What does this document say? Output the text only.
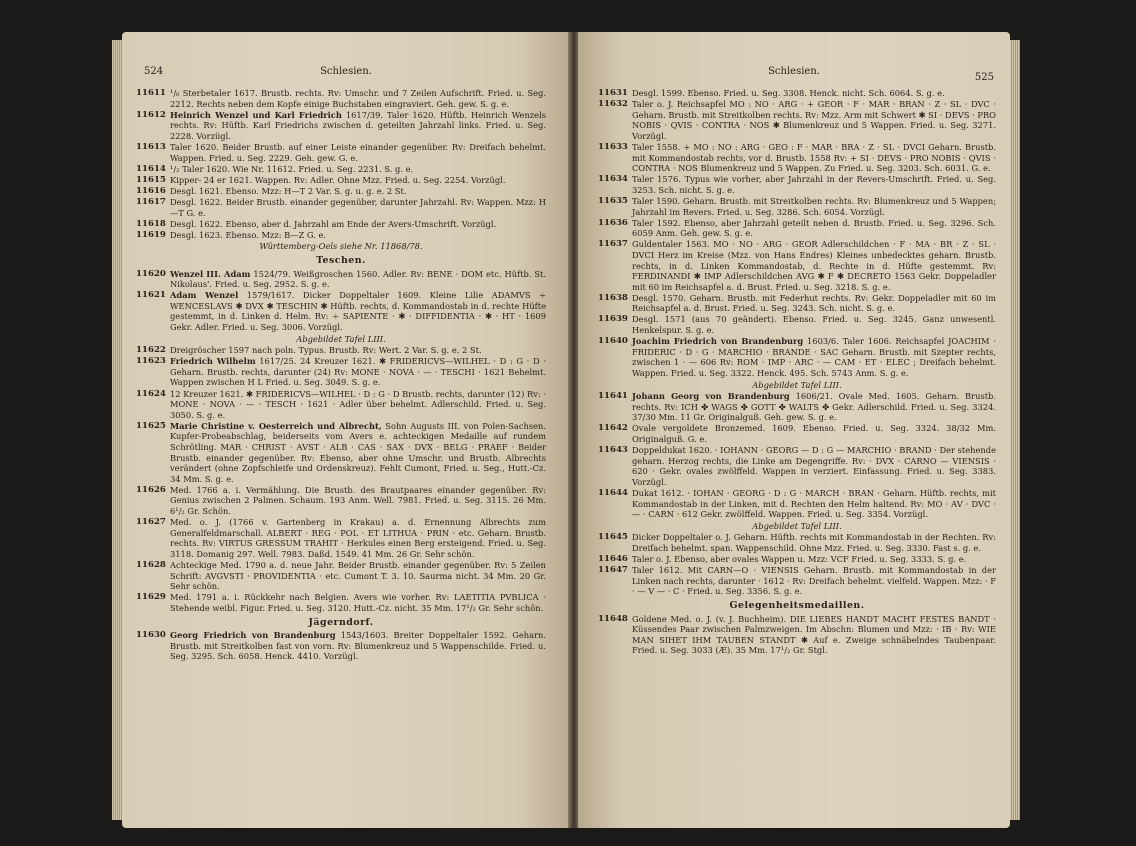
524	Schlesien.
11611 ¹/₆ Sterbetaler 1617. Brustb. rechts. Rv: Umschr. und 7 Zeilen Aufschrift. Fried. u. Seg. 2212. Rechts neben dem Kopfe einige Buchstaben eingraviert. Geh. gew. S. g. e.
11612 Heinrich Wenzel und Karl Friedrich 1617/39. Taler 1620. Hüftb. Heinrich Wenzels rechts. Rv: Hüftb. Karl Friedrichs zwischen d. geteilten Jahrzahl links. Fried. u. Seg. 2228. Vorzügl.
11613 Taler 1620. Beider Brustb. auf einer Leiste einander gegenüber. Rv: Dreifach behelmt. Wappen. Fried. u. Seg. 2229. Geh. gew. G. e.
11614 ¹/₂ Taler 1620. Wie Nr. 11612. Fried. u. Seg. 2231. S. g. e.
11615 Kipper- 24 er 1621. Wappen. Rv: Adler. Ohne Mzz. Fried. u. Seg. 2254. Vorzügl.
11616 Desgl. 1621. Ebenso. Mzz: H—T 2 Var. S. g. u. g. e. 2 St.
11617 Desgl. 1622. Beider Brustb. einander gegenüber, darunter Jahrzahl. Rv: Wappen. Mzz: H—T G. e.
11618 Desgl. 1622. Ebenso, aber d. Jahrzahl am Ende der Avers-Umschrift. Vorzügl.
11619 Desgl. 1623. Ebenso. Mzz: B—Z G. e.
Württemberg-Oels siehe Nr. 11868/78.
Teschen.
11620 Wenzel III. Adam 1524/79. Weißgroschen 1560. Adler. Rv: BENE · DOM etc. Hüftb. St. Nikolaus'. Fried. u. Seg. 2952. S. g. e.
11621 Adam Wenzel 1579/1617. Dicker Doppeltaler 1609. Kleine Lilie ADAMVS ÷ WENCESLAVS ✱ DVX ✱ TESCHIN ✱ Hüftb. rechts, d. Kommandostab in d. rechte Hüfte gestemmt, in d. Linken d. Helm. Rv: ÷ SAPIENTE · ✱ · DIFFIDENTIA · ✱ · HT · 1609 Gekr. Adler. Fried. u. Seg. 3006. Vorzügl.
Abgebildet Tafel LIII.
11622 Dreigröscher 1597 nach poln. Typus. Brustb. Rv: Wert. 2 Var. S. g. e. 2 St.
11623 Friedrich Wilhelm 1617/25. 24 Kreuzer 1621. ✱ FRIDERICVS—WILHEL · D : G · D · Geharn. Brustb. rechts, darunter (24) Rv: MONE · NOVA · — · TESCHI · 1621 Behelmt. Wappen zwischen H L Fried. u. Seg. 3049. S. g. e.
11624 12 Kreuzer 1621. ✱ FRIDERICVS—WILHEL · D : G · D Brustb. rechts, darunter (12) Rv: · MONE · NOVA · — · TESCH · 1621 · Adler über behelmt. Adlerschild. Fried. u. Seg. 3050. S. g. e.
11625 Marie Christine v. Oesterreich und Albrecht, Sohn Augusts III. von Polen-Sachsen. Kupfer-Probeabschlag, beiderseits vom Avers e. achteckigen Medaille auf rundem Schrötling. MAR · CHRIST · AVST · ALB · CAS · SAX · DVX · BELG · PRAEF · Beider Brustb. einander gegenüber. Rv: Ebenso, aber ohne Umschr. und Brustb. Albrechts verändert (ohne Zopfschleife und Ordenskreuz). Fehlt Cumont, Fried. u. Seg., Hutt.-Cz. 34 Mm. S. g. e.
11626 Med. 1766 a. i. Vermählung. Die Brustb. des Brautpaares einander gegenüber. Rv: Genius zwischen 2 Palmen. Schaum. 193 Anm. Well. 7981. Fried. u. Seg. 3115. 26 Mm. 6¹/₂ Gr. Schön.
11627 Med. o. J. (1766 v. Gartenberg in Krakau) a. d. Ernennung Albrechts zum Generalfeldmarschall. ALBERT · REG · POL · ET LITHUA · PRIN · etc. Geharn. Brustb. rechts. Rv: VIRTUS GRESSUM TRAHIT · Herkules einen Berg ersteigend. Fried. u. Seg. 3118. Domanig 297. Well. 7983. Daßd. 1549. 41 Mm. 26 Gr. Sehr schön.
11628 Achteckige Med. 1790 a. d. neue Jahr. Beider Brustb. einander gegenüber. Rv: 5 Zeilen Schrift: AVGVSTI · PROVIDENTIA · etc. Cumont T. 3. 10. Saurma nicht. 34 Mm. 20 Gr. Sehr schön.
11629 Med. 1791 a. i. Rückkehr nach Belgien. Avers wie vorher. Rv: LAETITIA PVBLICA · Stehende weibl. Figur. Fried. u. Seg. 3120. Hutt.-Cz. nicht. 35 Mm. 17¹/₂ Gr. Sehr schön.
Jägerndorf.
11630 Georg Friedrich von Brandenburg 1543/1603. Breiter Doppeltaler 1592. Geharn. Brustb. mit Streitkolben fast von vorn. Rv: Blumenkreuz und 5 Wappenschilde. Fried. u. Seg. 3295. Sch. 6058. Henck. 4410. Vorzügl.
Schlesien.
525
11631 Desgl. 1599. Ebenso. Fried. u. Seg. 3308. Henck. nicht. Sch. 6064. S. g. e.
11632 Taler o. J. Reichsapfel MO : NO · ARG · + GEOR · F · MAR · BRAN · Z · SL · DVC · Geharn. Brustb. mit Streitkolben rechts. Rv: Mzz. Arm mit Schwert ✱ SI · DEVS · PRO NOBIS · QVIS · CONTRA · NOS ✱ Blumenkreuz und 5 Wappen. Fried. u. Seg. 3271. Vorzügl.
11633 Taler 1558. + MO : NO : ARG · GEO : F · MAR · BRA · Z · SL · DVCI Geharn. Brustb. mit Kommandostab rechts, vor d. Brustb. 1558 Rv: + SI · DEVS · PRO NOBIS · QVIS · CONTRA · NOS Blumenkreuz und 5 Wappen. Zu Fried. u. Seg. 3203. Sch. 6031. G. e.
11634 Taler 1576. Typus wie vorher, aber Jahrzahl in der Revers-Umschrift. Fried. u. Seg. 3253. Sch. nicht. S. g. e.
11635 Taler 1590. Geharn. Brustb. mit Streitkolben rechts. Rv: Blumenkreuz und 5 Wappen; Jahrzahl im Revers. Fried. u. Seg. 3286. Sch. 6054. Vorzügl.
11636 Taler 1592. Ebenso, aber Jahrzahl geteilt neben d. Brustb. Fried. u. Seg. 3296. Sch. 6059 Anm. Geh. gew. S. g. e.
11637 Guldentaler 1563. MO · NO · ARG · GEOR Adlerschildchen · F · MA · BR · Z · SL · DVCI Herz im Kreise (Mzz. von Hans Endres) Kleines unbedecktes geharn. Brustb. rechts, in d. Linken Kommandostab, d. Rechte in d. Hüfte gestemmt. Rv: FERDINANDI ✱ IMP Adlerschildchen AVG ✱ F ✱ DECRETO 1563 Gekr. Doppeladler mit 60 im Reichsapfel a. d. Brust. Fried. u. Seg. 3218. S. g. e.
11638 Desgl. 1570. Geharn. Brustb. mit Federhut rechts. Rv: Gekr. Doppeladler mit 60 im Reichsapfel a. d. Brust. Fried. u. Seg. 3243. Sch. nicht. S. g. e.
11639 Desgl. 1571 (aus 70 geändert). Ebenso. Fried. u. Seg. 3245. Ganz unwesentl. Henkelspur. S. g. e.
11640 Joachim Friedrich von Brandenburg 1603/6. Taler 1606. Reichsapfel JOACHIM · FRIDERIC · D · G · MARCHIO · BRANDE · SAC Geharn. Brustb. mit Szepter rechts, zwischen 1 · — 606 Rv: ROM · IMP · ARC · — CAM · ET · ELEC ; Dreifach behelmt. Wappen. Fried. u. Seg. 3322. Henck. 495. Sch. 5743 Anm. S. g. e.
Abgebildet Tafel LIII.
11641 Johann Georg von Brandenburg 1606/21. Ovale Med. 1605. Geharn. Brustb. rechts. Rv: ICH ✤ WAGS ✤ GOTT ✤ WALTS ✤ Gekr. Adlerschild. Fried. u. Seg. 3324. 37/30 Mm. 11 Gr. Originalguß. Geh. gew. S. g. e.
11642 Ovale vergoldete Bronzemed. 1609. Ebenso. Fried. u. Seg. 3324. 38/32 Mm. Originalguß. G. e.
11643 Doppeldukat 1620. · IOHANN · GEORG — D : G — MARCHIO · BRAND · Der stehende geharn. Herzog rechts, die Linke am Degengriffe. Rv: · DVX · CARNO — VIENSIS · 620 · Gekr. ovales zwölffeld. Wappen in verziert. Einfassung. Fried. u. Seg. 3383. Vorzügl.
11644 Dukat 1612. · IOHAN · GEORG · D : G · MARCH · BRAN · Geharn. Hüftb. rechts, mit Kommandostab in der Linken, mit d. Rechten den Helm haltend. Rv: MO · AV · DVC · — · CARN · 612 Gekr. zwölffeld. Wappen. Fried. u. Seg. 3354. Vorzügl.
Abgebildet Tafel LIII.
11645 Dicker Doppeltaler o. J. Geharn. Hüftb. rechts mit Kommandostab in der Rechten. Rv: Dreifach behelmt. span. Wappenschild. Ohne Mzz. Fried. u. Seg. 3330. Fast s. g. e.
11646 Taler o. J. Ebenso, aber ovales Wappen u. Mzz: VCF Fried. u. Seg. 3333. S. g. e.
11647 Taler 1612. Mit CARN—O · VIENSIS Geharn. Brustb. mit Kommandostab in der Linken nach rechts, darunter · 1612 · Rv: Dreifach behelmt. vielfeld. Wappen. Mzz: · F · — V — · C · Fried. u. Seg. 3356. S. g. e.
Gelegenheitsmedaillen.
11648 Goldene Med. o. J. (v. J. Buchheim). DIE LIEBES HANDT MACHT FESTES BANDT · Küssendes Paar zwischen Palmzweigen. Im Abschn: Blumen und Mzz: · IB · Rv: WIE MAN SIHET IHM TAUBEN STANDT ✱ Auf e. Zweige schnäbelndes Taubenpaar. Fried. u. Seg. 3033 (Æ). 35 Mm. 17¹/₂ Gr. Stgl.
